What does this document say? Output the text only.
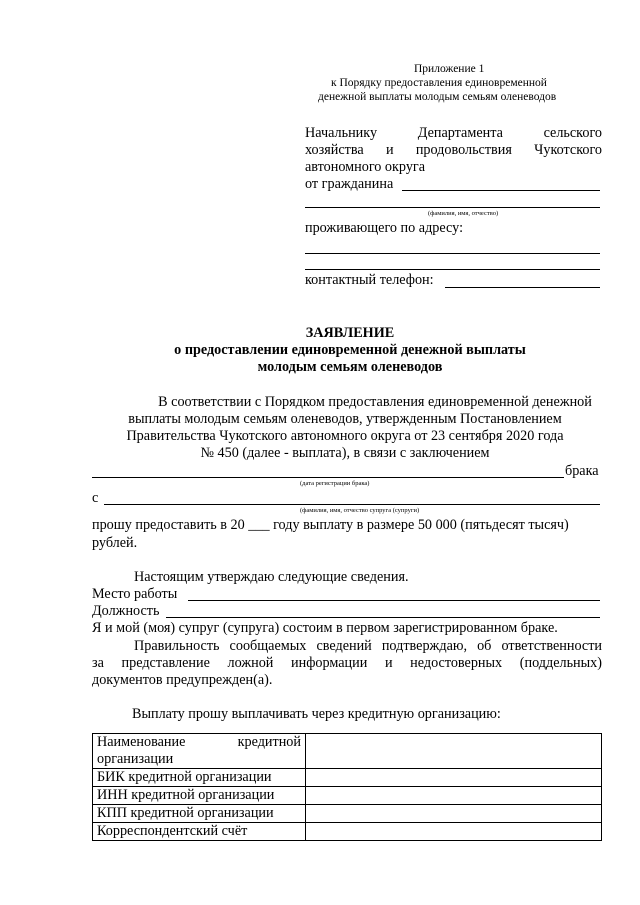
Приложение 1
к Порядку предоставления единовременной
денежной выплаты молодым семьям оленеводов
Начальнику	Департамента	сельского
хозяйства и продовольствия Чукотского
автономного округа
от гражданина
(фамилия, имя, отчество)
проживающего по адресу:
контактный телефон:
ЗАЯВЛЕНИЕ
о предоставлении единовременной денежной выплаты
молодым семьям оленеводов
В соответствии с Порядком предоставления единовременной денежной
выплаты молодым семьям оленеводов, утвержденным Постановлением
Правительства Чукотского автономного округа от 23 сентября 2020 года
№ 450 (далее - выплата), в связи с заключением
брака
(дата регистрации брака)
с
(фамилия, имя, отчество супруга (супруги)
прошу предоставить в 20 ___ году выплату в размере 50 000 (пятьдесят тысяч)
рублей.
Настоящим утверждаю следующие сведения.
Место работы
Должность
Я и мой (моя) супруг (супруга) состоим в первом зарегистрированном браке.
Правильность сообщаемых сведений подтверждаю, об ответственности
за представление ложной информации и недостоверных (поддельных)
документов предупрежден(а).
Выплату прошу выплачивать через кредитную организацию:
Наименование кредитной
организации	

БИК кредитной организации	
ИНН кредитной организации	
КПП кредитной организации	
Корреспондентский счёт	
